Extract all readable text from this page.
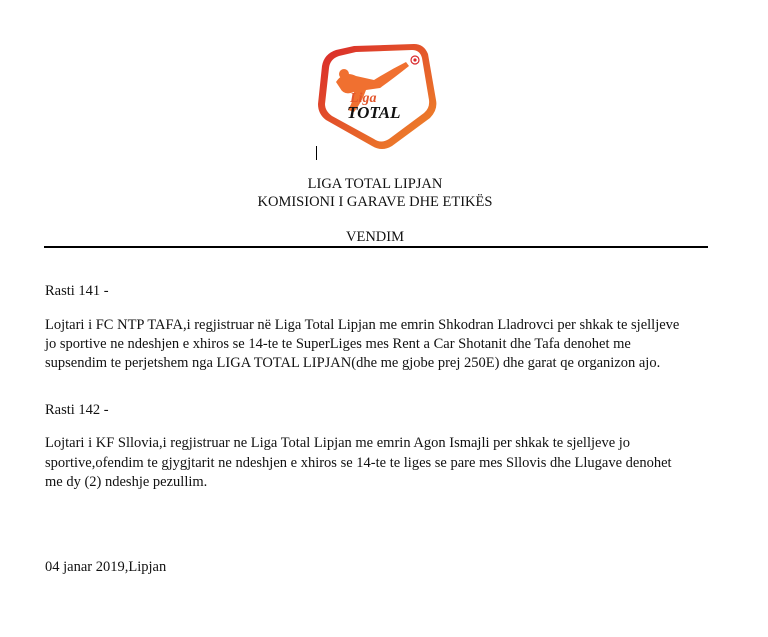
Liga
TOTAL
LIGA TOTAL LIPJAN
KOMISIONI I GARAVE DHE ETIKËS
VENDIM
Rasti 141 -
Lojtari i FC NTP TAFA,i regjistruar në Liga Total Lipjan me emrin Shkodran Lladrovci per shkak te sjelljeve
jo sportive ne ndeshjen e xhiros se 14-te te SuperLiges mes Rent a Car Shotanit dhe Tafa denohet me
supsendim te perjetshem nga LIGA TOTAL LIPJAN(dhe me gjobe prej 250E) dhe garat qe organizon ajo.
Rasti 142 -
Lojtari i KF Sllovia,i regjistruar ne Liga Total Lipjan me emrin Agon Ismajli per shkak te sjelljeve jo
sportive,ofendim te gjygjtarit ne ndeshjen e xhiros se 14-te te liges se pare mes Sllovis dhe Llugave denohet
me dy (2) ndeshje pezullim.
04 janar 2019,Lipjan
